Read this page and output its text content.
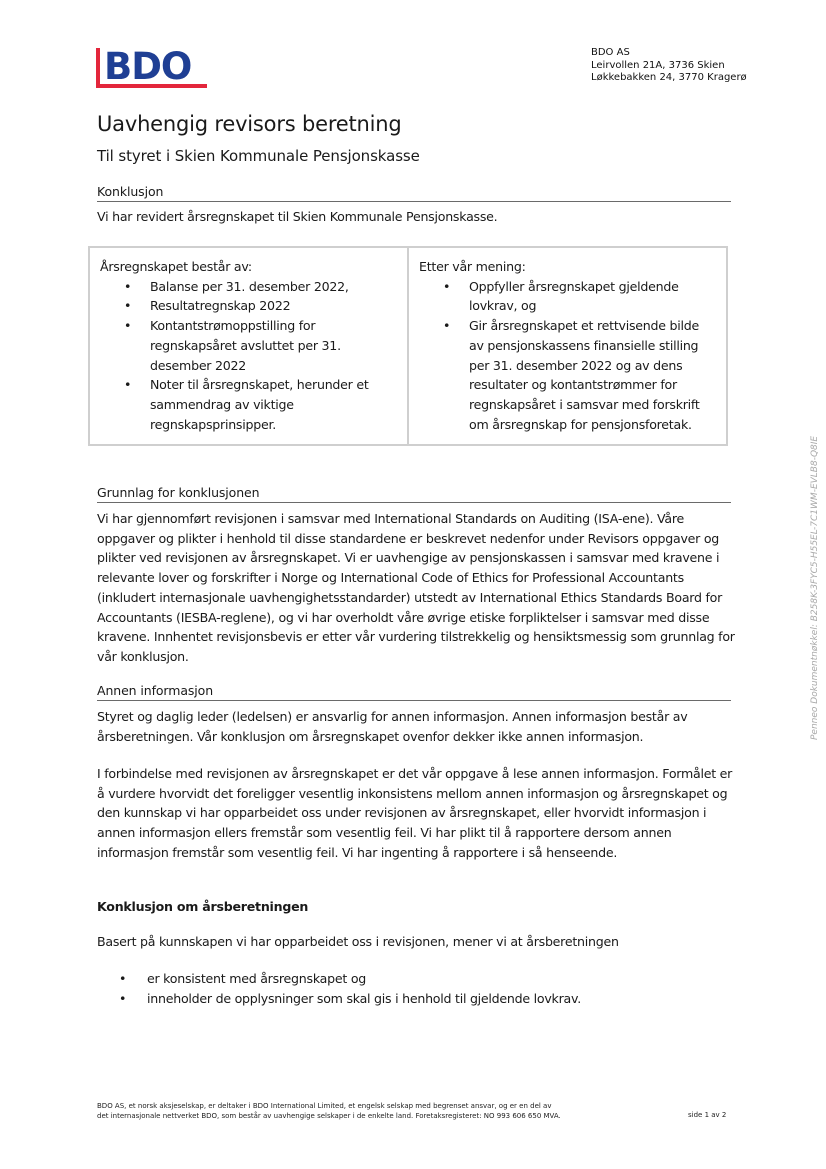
BDO	BDO AS
Leirvollen 21A, 3736 Skien
Løkkebakken 24, 3770 Kragerø
Uavhengig revisors beretning
Til styret i Skien Kommunale Pensjonskasse
Konklusjon
Vi har revidert årsregnskapet til Skien Kommunale Pensjonskasse.
Årsregnskapet består av:
•	Balanse per 31. desember 2022,
•	Resultatregnskap 2022
•	Kontantstrømoppstilling for regnskapsåret avsluttet per 31. desember 2022
•	Noter til årsregnskapet, herunder et sammendrag av viktige regnskapsprinsipper.
Etter vår mening:
•	Oppfyller årsregnskapet gjeldende lovkrav, og
•	Gir årsregnskapet et rettvisende bilde av pensjonskassens finansielle stilling per 31. desember 2022 og av dens resultater og kontantstrømmer for regnskapsåret i samsvar med forskrift om årsregnskap for pensjonsforetak.
Grunnlag for konklusjonen
Vi har gjennomført revisjonen i samsvar med International Standards on Auditing (ISA-ene). Våre oppgaver og plikter i henhold til disse standardene er beskrevet nedenfor under Revisors oppgaver og plikter ved revisjonen av årsregnskapet. Vi er uavhengige av pensjonskassen i samsvar med kravene i relevante lover og forskrifter i Norge og International Code of Ethics for Professional Accountants (inkludert internasjonale uavhengighetsstandarder) utstedt av International Ethics Standards Board for Accountants (IESBA-reglene), og vi har overholdt våre øvrige etiske forpliktelser i samsvar med disse kravene. Innhentet revisjonsbevis er etter vår vurdering tilstrekkelig og hensiktsmessig som grunnlag for vår konklusjon.
Annen informasjon
Styret og daglig leder (ledelsen) er ansvarlig for annen informasjon. Annen informasjon består av årsberetningen. Vår konklusjon om årsregnskapet ovenfor dekker ikke annen informasjon.
I forbindelse med revisjonen av årsregnskapet er det vår oppgave å lese annen informasjon. Formålet er å vurdere hvorvidt det foreligger vesentlig inkonsistens mellom annen informasjon og årsregnskapet og den kunnskap vi har opparbeidet oss under revisjonen av årsregnskapet, eller hvorvidt informasjon i annen informasjon ellers fremstår som vesentlig feil. Vi har plikt til å rapportere dersom annen informasjon fremstår som vesentlig feil. Vi har ingenting å rapportere i så henseende.
Konklusjon om årsberetningen
Basert på kunnskapen vi har opparbeidet oss i revisjonen, mener vi at årsberetningen
•	er konsistent med årsregnskapet og
•	inneholder de opplysninger som skal gis i henhold til gjeldende lovkrav.
BDO AS, et norsk aksjeselskap, er deltaker i BDO International Limited, et engelsk selskap med begrenset ansvar, og er en del av
det internasjonale nettverket BDO, som består av uavhengige selskaper i de enkelte land. Foretaksregisteret: NO 993 606 650 MVA.	side 1 av 2
Penneo Dokumentnøkkel: B258K-3FYC5-H55EL-7C1WM-EVLB8-Q8IE
